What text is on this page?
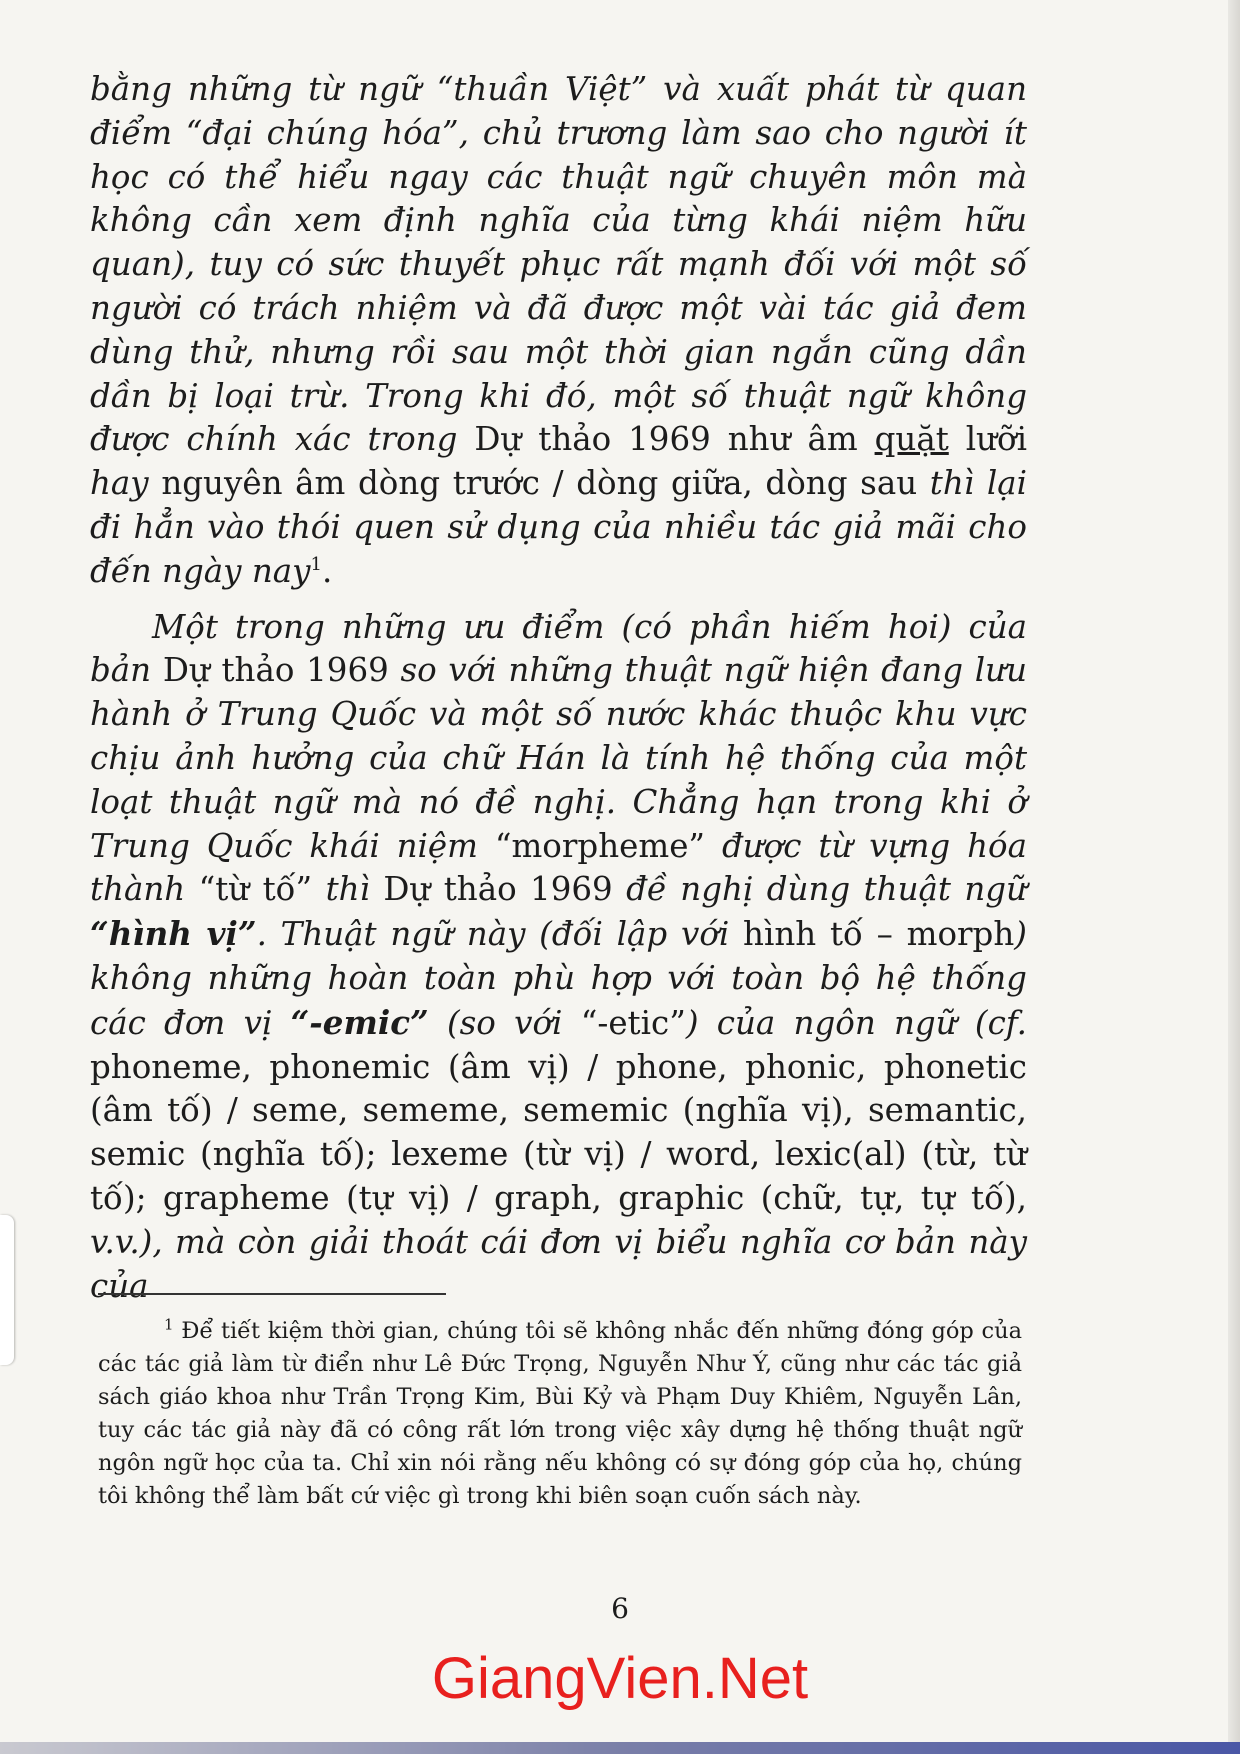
bằng những từ ngữ “thuần Việt” và xuất phát từ quan điểm “đại chúng hóa”, chủ trương làm sao cho người ít học có thể hiểu ngay các thuật ngữ chuyên môn mà không cần xem định nghĩa của từng khái niệm hữu quan), tuy có sức thuyết phục rất mạnh đối với một số người có trách nhiệm và đã được một vài tác giả đem dùng thử, nhưng rồi sau một thời gian ngắn cũng dần dần bị loại trừ. Trong khi đó, một số thuật ngữ không được chính xác trong Dự thảo 1969 như âm quặt lưỡi hay nguyên âm dòng trước / dòng giữa, dòng sau thì lại đi hẳn vào thói quen sử dụng của nhiều tác giả mãi cho đến ngày nay$^1$.

Một trong những ưu điểm (có phần hiếm hoi) của bản Dự thảo 1969 so với những thuật ngữ hiện đang lưu hành ở Trung Quốc và một số nước khác thuộc khu vực chịu ảnh hưởng của chữ Hán là tính hệ thống của một loạt thuật ngữ mà nó đề nghị. Chẳng hạn trong khi ở Trung Quốc khái niệm “morpheme” được từ vựng hóa thành “từ tố” thì Dự thảo 1969 đề nghị dùng thuật ngữ “hình vị”. Thuật ngữ này (đối lập với hình tố – morph) không những hoàn toàn phù hợp với toàn bộ hệ thống các đơn vị “-emic” (so với “-etic”) của ngôn ngữ (cf. phoneme, phonemic (âm vị) / phone, phonic, phonetic (âm tố) / seme, sememe, sememic (nghĩa vị), semantic, semic (nghĩa tố); lexeme (từ vị) / word, lexic(al) (từ, từ tố); grapheme (tự vị) / graph, graphic (chữ, tự, tự tố), v.v.), mà còn giải thoát cái đơn vị biểu nghĩa cơ bản này của

$^1$ Để tiết kiệm thời gian, chúng tôi sẽ không nhắc đến những đóng góp của các tác giả làm từ điển như Lê Đức Trọng, Nguyễn Như Ý, cũng như các tác giả sách giáo khoa như Trần Trọng Kim, Bùi Kỷ và Phạm Duy Khiêm, Nguyễn Lân, tuy các tác giả này đã có công rất lớn trong việc xây dựng hệ thống thuật ngữ ngôn ngữ học của ta. Chỉ xin nói rằng nếu không có sự đóng góp của họ, chúng tôi không thể làm bất cứ việc gì trong khi biên soạn cuốn sách này.
6
GiangVien.Net
